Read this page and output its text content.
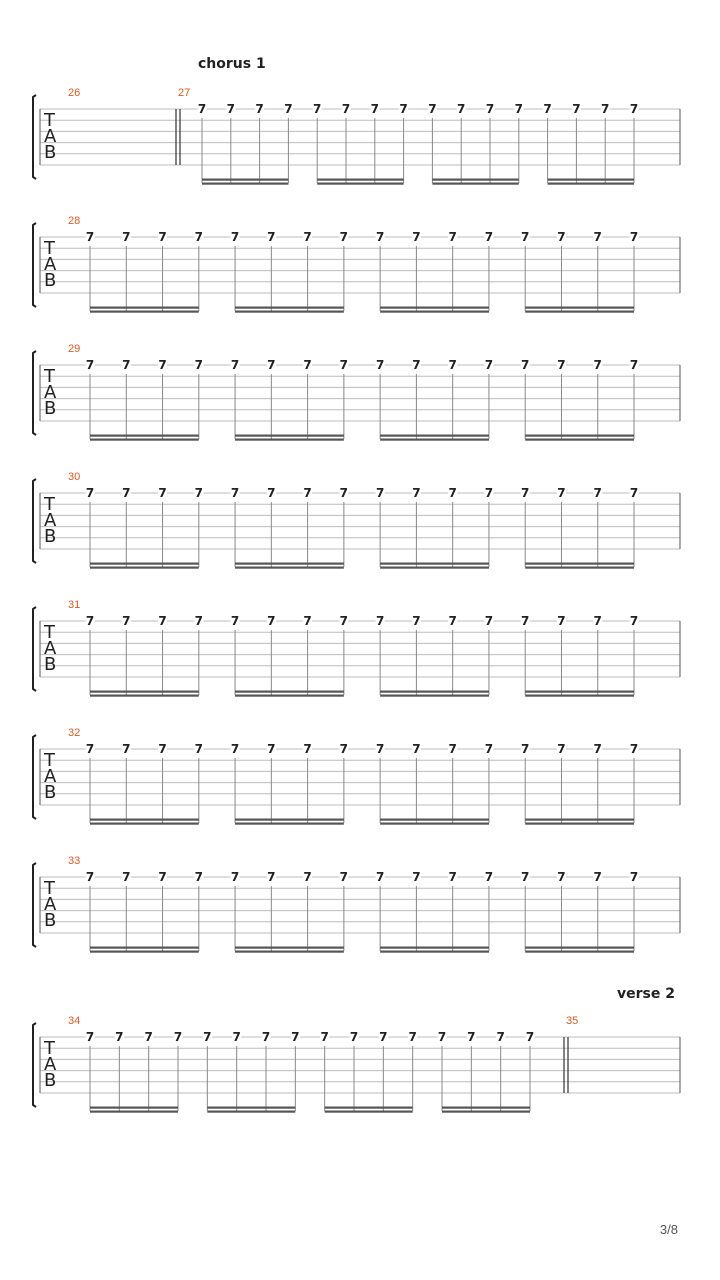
T
A
B
chorus 1
26	27
7 7 7 7 7 7 7 7 7 7 7 7 7 7 7 7
T
A
B
28
7 7 7 7 7 7 7 7 7 7 7 7 7 7 7 7
T
A
B
29
7 7 7 7 7 7 7 7 7 7 7 7 7 7 7 7
T
A
B
30
7 7 7 7 7 7 7 7 7 7 7 7 7 7 7 7
T
A
B
31
7 7 7 7 7 7 7 7 7 7 7 7 7 7 7 7
T
A
B
32
7 7 7 7 7 7 7 7 7 7 7 7 7 7 7 7
T
A
B
33
7 7 7 7 7 7 7 7 7 7 7 7 7 7 7 7
T
A
B
verse 2
34
7 7 7 7 7 7 7 7 7 7 7 7 7 7 7 7
35
3/8
